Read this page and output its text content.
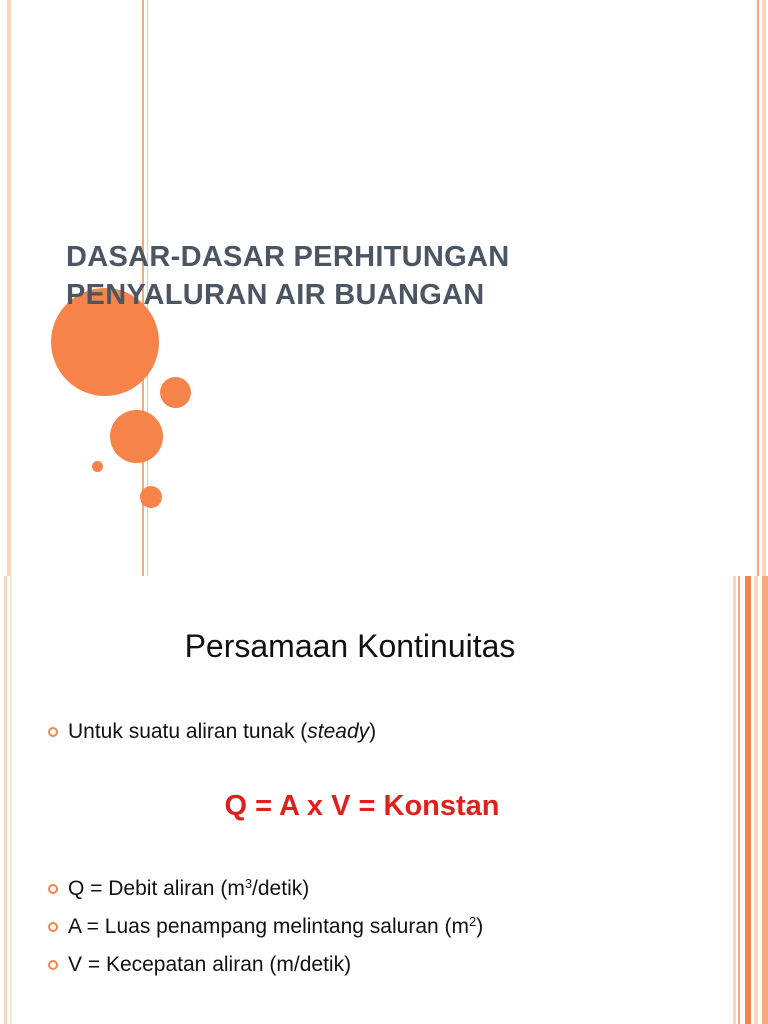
DASAR-DASAR PERHITUNGAN
PENYALURAN AIR BUANGAN
Persamaan Kontinuitas
Untuk suatu aliran tunak (steady)
Q = A x V = Konstan
Q = Debit aliran $(m^3/detik)$
A = Luas penampang melintang saluran $(m^2)$
V = Kecepatan aliran (m/detik)
